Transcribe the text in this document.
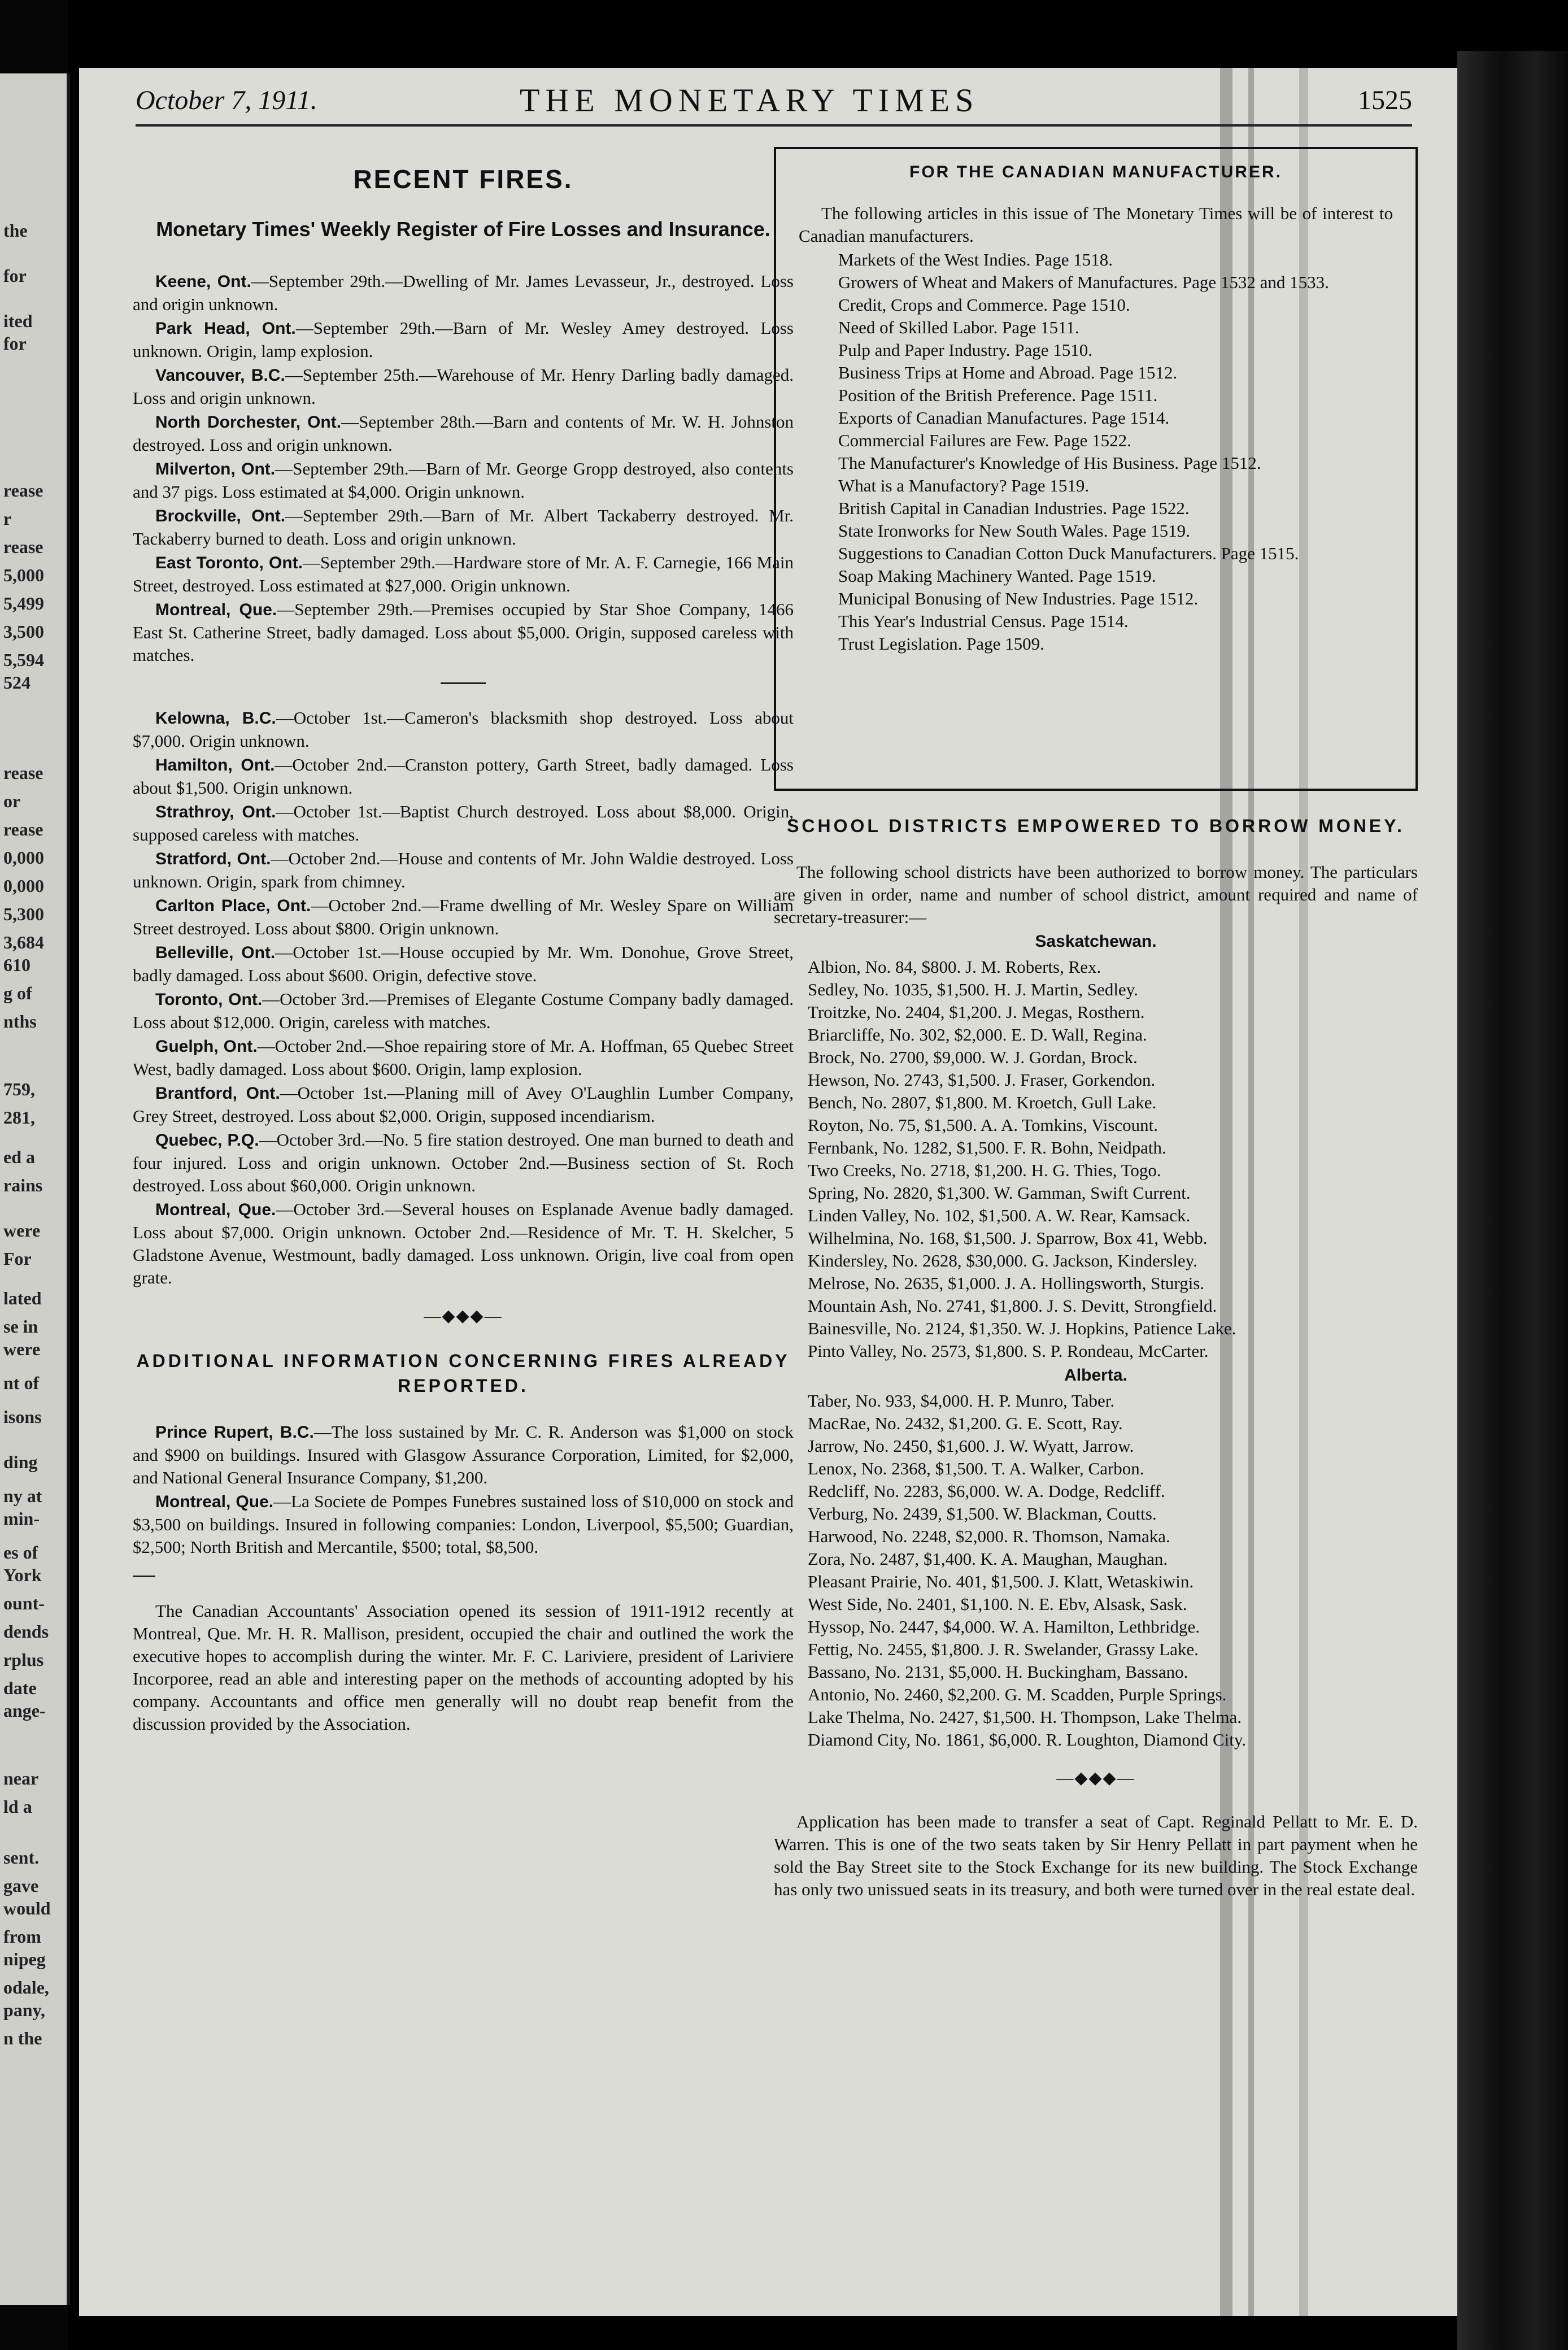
the
for
ited
for
rease
r
rease
5,000
5,499
3,500
5,594
524
rease
or
rease
0,000
0,000
5,300
3,684
610
g of
nths
759,
281,
ed a
rains
were
For
lated
se in
were
nt of
isons
ding
ny at
min-
es of
York
ount-
dends
rplus
date
ange-
near
ld a
sent.
gave
would
from
nipeg
odale,
pany,
n the
October 7, 1911.	THE MONETARY TIMES	1525
RECENT FIRES.
Monetary Times' Weekly Register of Fire Losses and Insurance.

Keene, Ont.—September 29th.—Dwelling of Mr. James Levasseur, Jr., destroyed. Loss and origin unknown.

Park Head, Ont.—September 29th.—Barn of Mr. Wesley Amey destroyed. Loss unknown. Origin, lamp explosion.

Vancouver, B.C.—September 25th.—Warehouse of Mr. Henry Darling badly damaged. Loss and origin unknown.

North Dorchester, Ont.—September 28th.—Barn and contents of Mr. W. H. Johnston destroyed. Loss and origin unknown.

Milverton, Ont.—September 29th.—Barn of Mr. George Gropp destroyed, also contents and 37 pigs. Loss estimated at $4,000. Origin unknown.

Brockville, Ont.—September 29th.—Barn of Mr. Albert Tackaberry destroyed. Mr. Tackaberry burned to death. Loss and origin unknown.

East Toronto, Ont.—September 29th.—Hardware store of Mr. A. F. Carnegie, 166 Main Street, destroyed. Loss estimated at $27,000. Origin unknown.

Montreal, Que.—September 29th.—Premises occupied by Star Shoe Company, 1466 East St. Catherine Street, badly damaged. Loss about $5,000. Origin, supposed careless with matches.

Kelowna, B.C.—October 1st.—Cameron's blacksmith shop destroyed. Loss about $7,000. Origin unknown.

Hamilton, Ont.—October 2nd.—Cranston pottery, Garth Street, badly damaged. Loss about $1,500. Origin unknown.

Strathroy, Ont.—October 1st.—Baptist Church destroyed. Loss about $8,000. Origin, supposed careless with matches.

Stratford, Ont.—October 2nd.—House and contents of Mr. John Waldie destroyed. Loss unknown. Origin, spark from chimney.

Carlton Place, Ont.—October 2nd.—Frame dwelling of Mr. Wesley Spare on William Street destroyed. Loss about $800. Origin unknown.

Belleville, Ont.—October 1st.—House occupied by Mr. Wm. Donohue, Grove Street, badly damaged. Loss about $600. Origin, defective stove.

Toronto, Ont.—October 3rd.—Premises of Elegante Costume Company badly damaged. Loss about $12,000. Origin, careless with matches.

Guelph, Ont.—October 2nd.—Shoe repairing store of Mr. A. Hoffman, 65 Quebec Street West, badly damaged. Loss about $600. Origin, lamp explosion.

Brantford, Ont.—October 1st.—Planing mill of Avey O'Laughlin Lumber Company, Grey Street, destroyed. Loss about $2,000. Origin, supposed incendiarism.

Quebec, P.Q.—October 3rd.—No. 5 fire station destroyed. One man burned to death and four injured. Loss and origin unknown. October 2nd.—Business section of St. Roch destroyed. Loss about $60,000. Origin unknown.

Montreal, Que.—October 3rd.—Several houses on Esplanade Avenue badly damaged. Loss about $7,000. Origin unknown. October 2nd.—Residence of Mr. T. H. Skelcher, 5 Gladstone Avenue, Westmount, badly damaged. Loss unknown. Origin, live coal from open grate.

—◆◆◆—
ADDITIONAL INFORMATION CONCERNING FIRES ALREADY REPORTED.

Prince Rupert, B.C.—The loss sustained by Mr. C. R. Anderson was $1,000 on stock and $900 on buildings. Insured with Glasgow Assurance Corporation, Limited, for $2,000, and National General Insurance Company, $1,200.

Montreal, Que.—La Societe de Pompes Funebres sustained loss of $10,000 on stock and $3,500 on buildings. Insured in following companies: London, Liverpool, $5,500; Guardian, $2,500; North British and Mercantile, $500; total, $8,500.

The Canadian Accountants' Association opened its session of 1911-1912 recently at Montreal, Que. Mr. H. R. Mallison, president, occupied the chair and outlined the work the executive hopes to accomplish during the winter. Mr. F. C. Lariviere, president of Lariviere Incorporee, read an able and interesting paper on the methods of accounting adopted by his company. Accountants and office men generally will no doubt reap benefit from the discussion provided by the Association.

FOR THE CANADIAN MANUFACTURER.

The following articles in this issue of The Monetary Times will be of interest to Canadian manufacturers.

Markets of the West Indies. Page 1518.
Growers of Wheat and Makers of Manufactures. Page 1532 and 1533.
Credit, Crops and Commerce. Page 1510.
Need of Skilled Labor. Page 1511.
Pulp and Paper Industry. Page 1510.
Business Trips at Home and Abroad. Page 1512.
Position of the British Preference. Page 1511.
Exports of Canadian Manufactures. Page 1514.
Commercial Failures are Few. Page 1522.
The Manufacturer's Knowledge of His Business. Page 1512.
What is a Manufactory? Page 1519.
British Capital in Canadian Industries. Page 1522.
State Ironworks for New South Wales. Page 1519.
Suggestions to Canadian Cotton Duck Manufacturers. Page 1515.
Soap Making Machinery Wanted. Page 1519.
Municipal Bonusing of New Industries. Page 1512.
This Year's Industrial Census. Page 1514.
Trust Legislation. Page 1509.
SCHOOL DISTRICTS EMPOWERED TO BORROW MONEY.

The following school districts have been authorized to borrow money. The particulars are given in order, name and number of school district, amount required and name of secretary-treasurer:—

Saskatchewan.
Albion, No. 84, $800. J. M. Roberts, Rex.
Sedley, No. 1035, $1,500. H. J. Martin, Sedley.
Troitzke, No. 2404, $1,200. J. Megas, Rosthern.
Briarcliffe, No. 302, $2,000. E. D. Wall, Regina.
Brock, No. 2700, $9,000. W. J. Gordan, Brock.
Hewson, No. 2743, $1,500. J. Fraser, Gorkendon.
Bench, No. 2807, $1,800. M. Kroetch, Gull Lake.
Royton, No. 75, $1,500. A. A. Tomkins, Viscount.
Fernbank, No. 1282, $1,500. F. R. Bohn, Neidpath.
Two Creeks, No. 2718, $1,200. H. G. Thies, Togo.
Spring, No. 2820, $1,300. W. Gamman, Swift Current.
Linden Valley, No. 102, $1,500. A. W. Rear, Kamsack.
Wilhelmina, No. 168, $1,500. J. Sparrow, Box 41, Webb.
Kindersley, No. 2628, $30,000. G. Jackson, Kindersley.
Melrose, No. 2635, $1,000. J. A. Hollingsworth, Sturgis.
Mountain Ash, No. 2741, $1,800. J. S. Devitt, Strongfield.
Bainesville, No. 2124, $1,350. W. J. Hopkins, Patience Lake.
Pinto Valley, No. 2573, $1,800. S. P. Rondeau, McCarter.
Alberta.
Taber, No. 933, $4,000. H. P. Munro, Taber.
MacRae, No. 2432, $1,200. G. E. Scott, Ray.
Jarrow, No. 2450, $1,600. J. W. Wyatt, Jarrow.
Lenox, No. 2368, $1,500. T. A. Walker, Carbon.
Redcliff, No. 2283, $6,000. W. A. Dodge, Redcliff.
Verburg, No. 2439, $1,500. W. Blackman, Coutts.
Harwood, No. 2248, $2,000. R. Thomson, Namaka.
Zora, No. 2487, $1,400. K. A. Maughan, Maughan.
Pleasant Prairie, No. 401, $1,500. J. Klatt, Wetaskiwin.
West Side, No. 2401, $1,100. N. E. Ebv, Alsask, Sask.
Hyssop, No. 2447, $4,000. W. A. Hamilton, Lethbridge.
Fettig, No. 2455, $1,800. J. R. Swelander, Grassy Lake.
Bassano, No. 2131, $5,000. H. Buckingham, Bassano.
Antonio, No. 2460, $2,200. G. M. Scadden, Purple Springs.
Lake Thelma, No. 2427, $1,500. H. Thompson, Lake Thelma.
Diamond City, No. 1861, $6,000. R. Loughton, Diamond City.
—◆◆◆—

Application has been made to transfer a seat of Capt. Reginald Pellatt to Mr. E. D. Warren. This is one of the two seats taken by Sir Henry Pellatt in part payment when he sold the Bay Street site to the Stock Exchange for its new building. The Stock Exchange has only two unissued seats in its treasury, and both were turned over in the real estate deal.
